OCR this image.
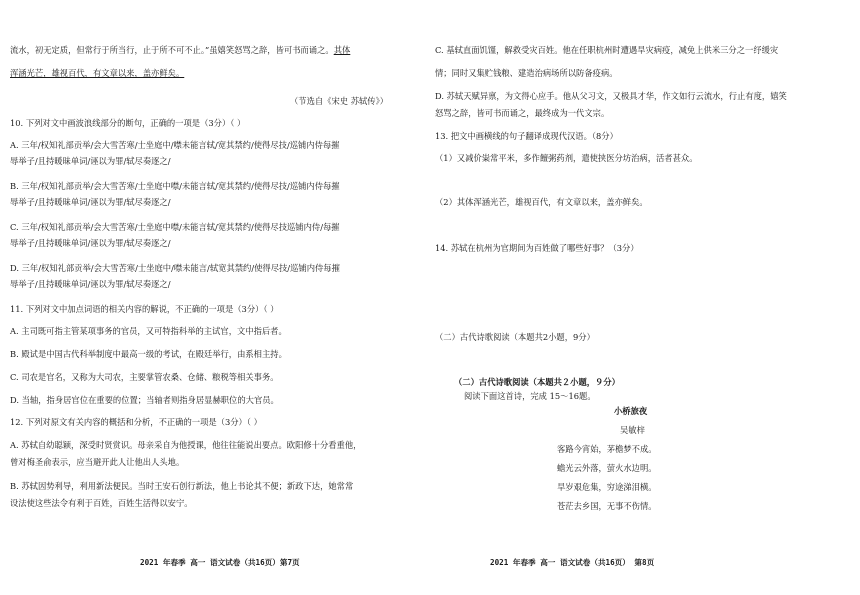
流水，初无定质，但常行于所当行，止于所不可不止。”虽嬉笑怒骂之辞，皆可书而诵之。其体
浑涵光芒，雄视百代，有文章以来，盖亦鲜矣。
（节选自《宋史 苏轼传》）
10. 下列对文中画波浪线部分的断句，正确的一项是（3分）（ ）
A. 三年/权知礼部贡举/会大雪苦寒/士坐庭中/噤未能言轼/宽其禁约/使得尽技/巡铺内侍每摧
辱举子/且持暖昧单词/诬以为罪/轼尽奏逐之/
B. 三年/权知礼部贡举/会大雪苦寒/士坐庭中噤/未能言轼/宽其禁约/使得尽技/巡铺内侍每摧
辱举子/且持暖昧单词/诬以为罪/轼尽奏逐之/
C. 三年/权知礼部贡举/会大雪苦寒/士坐庭中噤/未能言轼/宽其禁约/使得尽技巡铺内侍/每摧
辱举子/且持暖昧单词/诬以为罪/轼尽奏逐之/
D. 三年/权知礼部贡举/会大雪苦寒/士坐庭中/噤未能言/轼宽其禁约/使得尽技/巡铺内侍每摧
辱举子/且持暖昧单词/诬以为罪/轼尽奏逐之/
11. 下列对文中加点词语的相关内容的解说，不正确的一项是（3分）（ ）
A. 主司既可指主管某项事务的官员，又可特指科举的主试官，文中指后者。
B. 殿试是中国古代科举制度中最高一级的考试，在殿廷举行，由系相主持。
C. 司农是官名，又称为大司农，主要掌管农桑、仓储、粮税等相关事务。
D. 当轴，指身居官位在重要的位置；当轴者则指身居显赫职位的大官员。
12. 下列对原文有关内容的概括和分析，不正确的一项是（3分）（ ）
A. 苏轼自幼聪颖，深受时贤赏识。母亲采自为他授课，他往往能说出要点。欧阳修十分看重他，
曾对梅圣俞表示，应当避开此人让他出人头地。
B. 苏轼因势利导，利用新法便民。当时王安石创行新法，他上书论其不便；新政下达，她常常
设法使这些法令有利于百姓，百姓生活得以安宁。
2021 年春季 高一 语文试卷（共16页）第7页
C. 基轼直面饥馑，解救受灾百姓。他在任职杭州时遭遇旱灾病疫，减免上供米三分之一纾缓灾
情；同时又集贮钱粮、建造治病场所以防备疫病。
D. 苏轼天赋异禀，为文得心应手。他从父习文，又极具才华，作文如行云流水，行止有度，嬉笑
怒骂之辞，皆可书而诵之，最终成为一代文宗。
13. 把文中画横线的句子翻译成现代汉语。（8分）
（1）又减价粜常平米，多作饘粥药剂，遣使挟医分坊治病，活者甚众。
（2）其体浑涵光芒，雄视百代，有文章以来，盖亦鲜矣。
14. 苏轼在杭州为官期间为百姓做了哪些好事？（3分）
（二）古代诗歌阅读（本题共2小题，9分）
（二）古代诗歌阅读（本题共２小题，９分）
阅读下面这首诗，完成 15～16题。
小桥旅夜
吴敏梓
客路今宵始，茅檐梦不成。
蟾光云外落，萤火水边明。
旱岁艰危集，穷途涕泪横。
苍茫去乡国，无事不伤情。
2021 年春季 高一 语文试卷（共16页） 第8页
